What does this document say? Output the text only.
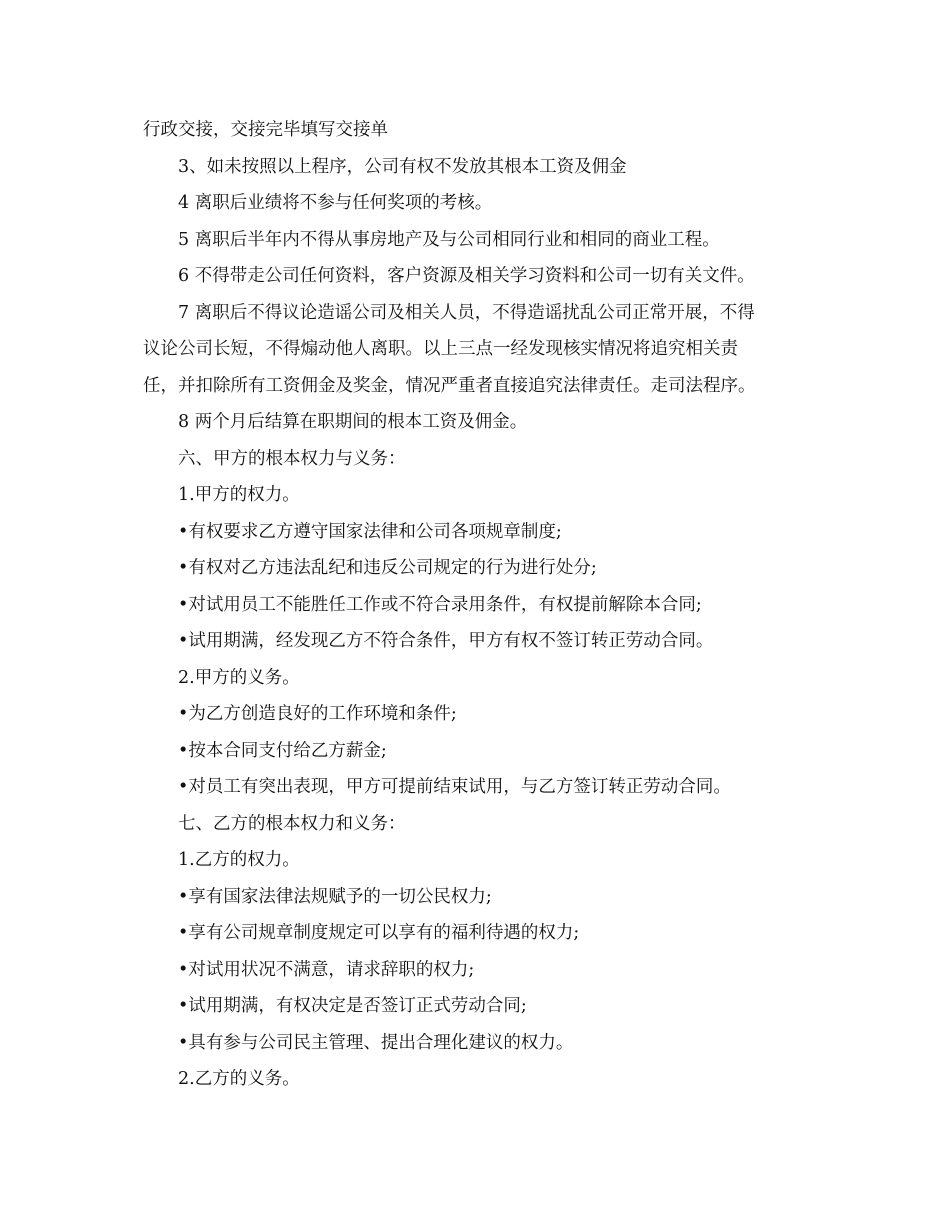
行政交接，交接完毕填写交接单

3、如未按照以上程序，公司有权不发放其根本工资及佣金

4 离职后业绩将不参与任何奖项的考核。

5 离职后半年内不得从事房地产及与公司相同行业和相同的商业工程。

6 不得带走公司任何资料，客户资源及相关学习资料和公司一切有关文件。

7 离职后不得议论造谣公司及相关人员，不得造谣扰乱公司正常开展，不得
议论公司长短，不得煽动他人离职。以上三点一经发现核实情况将追究相关责
任，并扣除所有工资佣金及奖金，情况严重者直接追究法律责任。走司法程序。

8 两个月后结算在职期间的根本工资及佣金。

六、甲方的根本权力与义务：

1.甲方的权力。

•有权要求乙方遵守国家法律和公司各项规章制度;

•有权对乙方违法乱纪和违反公司规定的行为进行处分;

•对试用员工不能胜任工作或不符合录用条件，有权提前解除本合同;

•试用期满，经发现乙方不符合条件，甲方有权不签订转正劳动合同。

2.甲方的义务。

•为乙方创造良好的工作环境和条件;

•按本合同支付给乙方薪金;

•对员工有突出表现，甲方可提前结束试用，与乙方签订转正劳动合同。

七、乙方的根本权力和义务：

1.乙方的权力。

•享有国家法律法规赋予的一切公民权力;

•享有公司规章制度规定可以享有的福利待遇的权力;

•对试用状况不满意，请求辞职的权力;

•试用期满，有权决定是否签订正式劳动合同;

•具有参与公司民主管理、提出合理化建议的权力。

2.乙方的义务。
